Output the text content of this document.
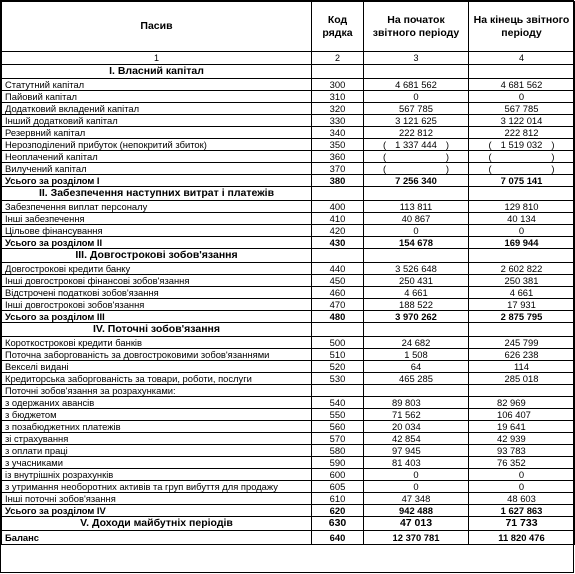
Пасив	Код рядка	На початок звітного періоду	На кінець звітного періоду
1	2	3	4
І. Власний капітал			
Статутний капітал	300	4 681 562	4 681 562
Пайовий капітал	310	0	0
Додатковий вкладений капітал	320	567 785	567 785
Інший додатковий капітал	330	3 121 625	3 122 014
Резервний капітал	340	222 812	222 812
Нерозподілений прибуток (непокритий збиток)	350	( 1 337 444 )	( 1 519 032 )
Неоплачений капітал	360	(  )	(  )
Вилучений капітал	370	(  )	(  )
Усього за розділом І	380	7 256 340	7 075 141
II. Забезпечення наступних витрат і платежів			
Забезпечення виплат персоналу	400	113 811	129 810
Інші забезпечення	410	40 867	40 134
Цільове фінансування	420	0	0
Усього за розділом II	430	154 678	169 944
III. Довгострокові зобов'язання			
Довгострокові кредити банку	440	3 526 648	2 602 822
Інші довгострокові фінансові зобов'язання	450	250 431	250 381
Відстрочені податкові зобов'язання	460	4 661	4 661
Інші довгострокові зобов'язання	470	188 522	17 931
Усього за розділом III	480	3 970 262	2 875 795
IV. Поточні зобов'язання			
Короткострокові кредити банків	500	24 682	245 799
Поточна заборгованість за довгостроковими зобов'язаннями	510	1 508	626 238
Векселі видані	520	64	114
Кредиторська заборгованість за товари, роботи, послуги	530	465 285	285 018
Поточні зобов'язання за розрахунками:			
з одержаних авансів	540	89 803	82 969
з бюджетом	550	71 562	106 407
з позабюджетних платежів	560	20 034	19 641
зі страхування	570	42 854	42 939
з оплати праці	580	97 945	93 783
з учасниками	590	81 403	76 352
із внутрішніх розрахунків	600	0	0
з утримання необоротних активів та груп вибуття для продажу	605	0	0
Інші поточні зобов'язання	610	47 348	48 603
Усього за розділом IV	620	942 488	1 627 863
V. Доходи майбутніх періодів	630	47 013	71 733
Баланс	640	12 370 781	11 820 476
